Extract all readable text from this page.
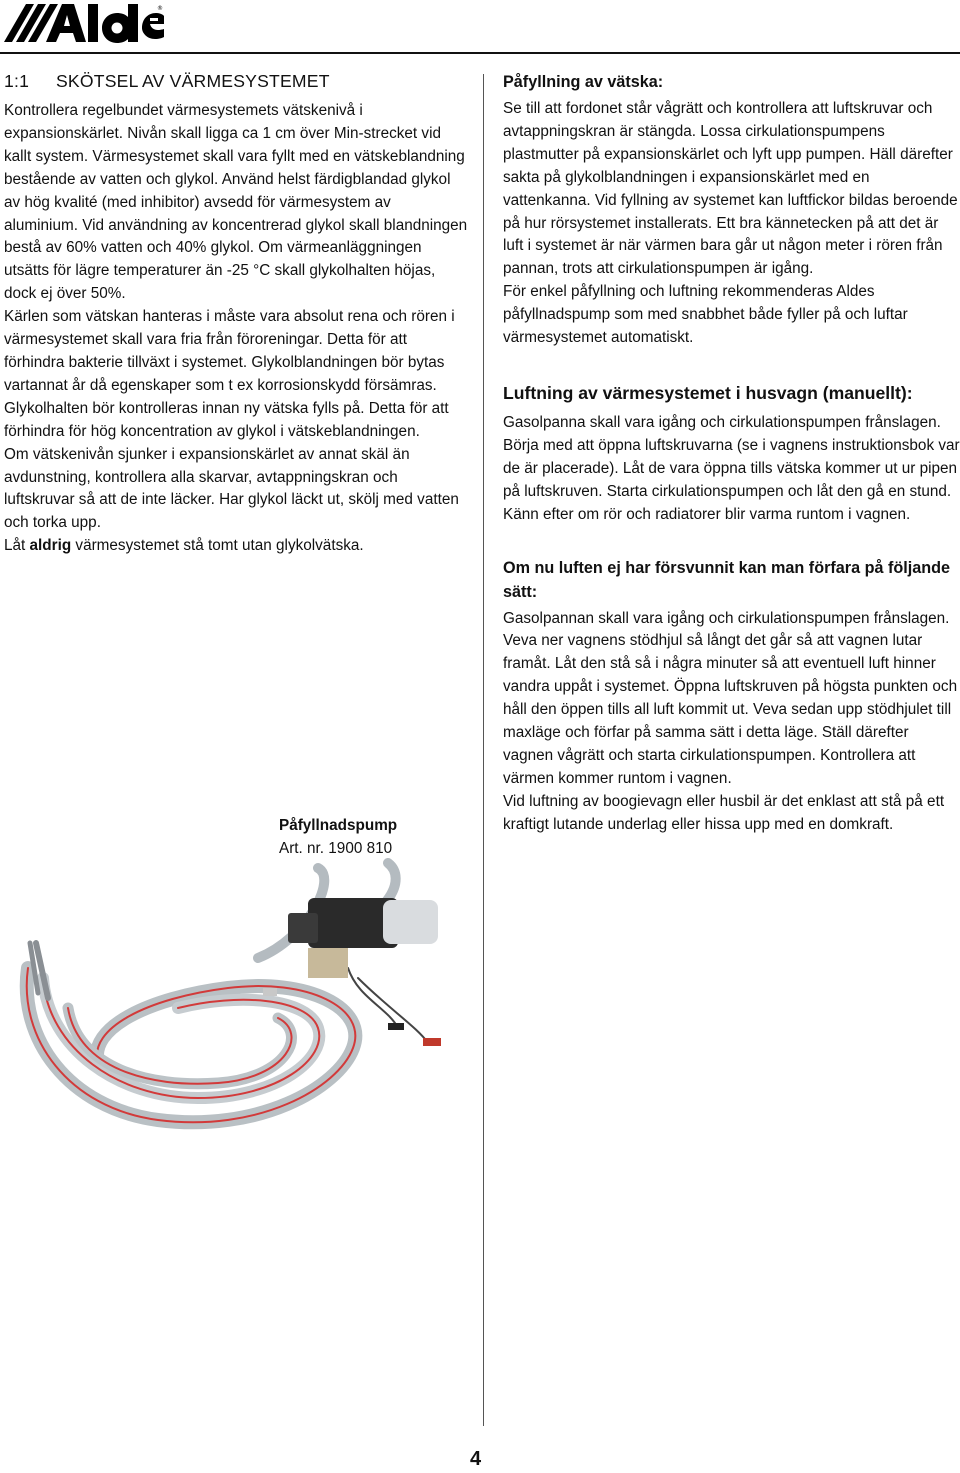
®
1:1 SKÖTSEL AV VÄRMESYSTEMET

Kontrollera regelbundet värmesystemets vätskenivå i expansionskärlet. Nivån skall ligga ca 1 cm över Min-strecket vid kallt system. Värmesystemet skall vara fyllt med en vätskeblandning bestående av vatten och glykol. Använd helst färdigblandad glykol av hög kvalité (med inhibitor) avsedd för värmesystem av aluminium. Vid användning av koncentrerad glykol skall blandningen bestå av 60% vatten och 40% glykol. Om värmeanläggningen utsätts för lägre temperaturer än -25 °C skall glykolhalten höjas, dock ej över 50%.

Kärlen som vätskan hanteras i måste vara absolut rena och rören i värmesystemet skall vara fria från föroreningar. Detta för att förhindra bakterie tillväxt i systemet. Glykolblandningen bör bytas vartannat år då egenskaper som t ex korrosionskydd försämras.

Glykolhalten bör kontrolleras innan ny vätska fylls på. Detta för att förhindra för hög koncentration av glykol i vätskeblandningen.

Om vätskenivån sjunker i expansionskärlet av annat skäl än avdunstning, kontrollera alla skarvar, avtappningskran och luftskruvar så att de inte läcker. Har glykol läckt ut, skölj med vatten och torka upp.

Låt aldrig värmesystemet stå tomt utan glykolvätska.

Påfyllnadspump
Art. nr. 1900 810
Påfyllning av vätska:

Se till att fordonet står vågrätt och kontrollera att luftskruvar och avtappningskran är stängda. Lossa cirkulationspumpens plastmutter på expansionskärlet och lyft upp pumpen. Häll därefter sakta på glykolblandningen i expansionskärlet med en vattenkanna. Vid fyllning av systemet kan luftfickor bildas beroende på hur rörsystemet installerats. Ett bra kännetecken på att det är luft i systemet är när värmen bara går ut någon meter i rören från pannan, trots att cirkulationspumpen är igång.

För enkel påfyllning och luftning rekommenderas Aldes påfyllnadspump som med snabbhet både fyller på och luftar värmesystemet automatiskt.

Luftning av värmesystemet i husvagn (manuellt):

Gasolpanna skall vara igång och cirkulationspumpen frånslagen. Börja med att öppna luftskruvarna (se i vagnens instruktionsbok var de är placerade). Låt de vara öppna tills vätska kommer ut ur pipen på luftskruven. Starta cirkulationspumpen och låt den gå en stund. Känn efter om rör och radiatorer blir varma runtom i vagnen.

Om nu luften ej har försvunnit kan man förfara på följande sätt:

Gasolpannan skall vara igång och cirkulationspumpen frånslagen. Veva ner vagnens stödhjul så långt det går så att vagnen lutar framåt. Låt den stå så i några minuter så att eventuell luft hinner vandra uppåt i systemet. Öppna luftskruven på högsta punkten och håll den öppen tills all luft kommit ut. Veva sedan upp stödhjulet till maxläge och förfar på samma sätt i detta läge. Ställ därefter vagnen vågrätt och starta cirkulationspumpen. Kontrollera att värmen kommer runtom i vagnen.

Vid luftning av boogievagn eller husbil är det enklast att stå på ett kraftigt lutande underlag eller hissa upp med en domkraft.

4
